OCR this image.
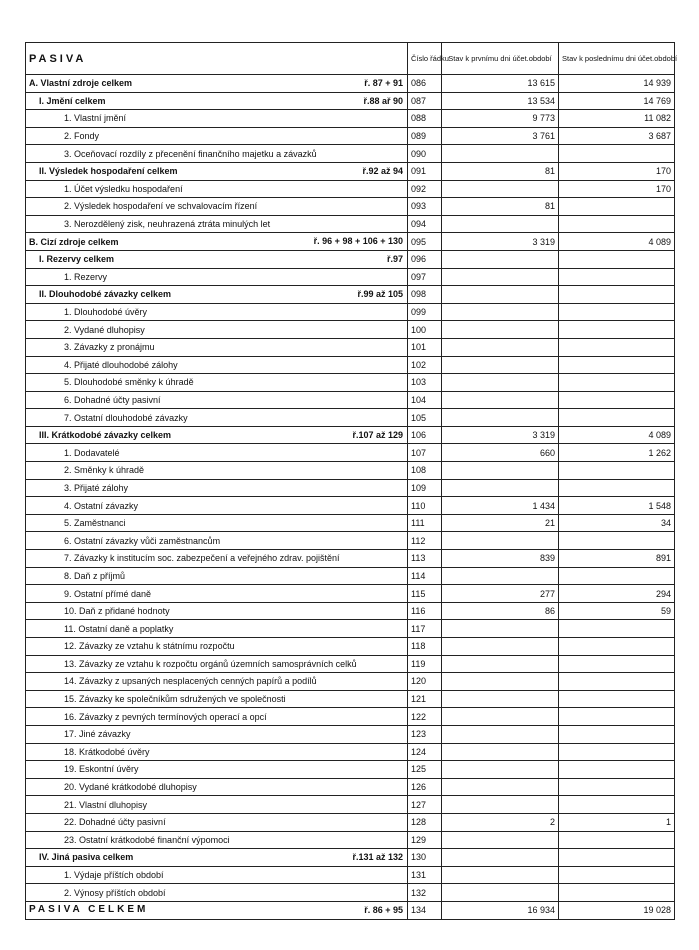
PASIVA	Číslo řádku	Stav k prvnímu dni účet.období	Stav k poslednímu dni účet.období
A. Vlastní zdroje celkem ř. 87 + 91	086	13 615	14 939
I. Jmění celkem ř.88 ař 90	087	13 534	14 769
1. Vlastní jmění	088	9 773	11 082
2. Fondy	089	3 761	3 687
3. Oceňovací rozdíly z přecenění finančního majetku a závazků	090		
II. Výsledek hospodaření celkem ř.92 až 94	091	81	170
1. Účet výsledku hospodaření	092		170
2. Výsledek hospodaření ve schvalovacím řízení	093	81	
3. Nerozdělený zisk, neuhrazená ztráta minulých let	094		
B. Cizí zdroje celkem ř. 96 + 98 + 106 + 130	095	3 319	4 089
I. Rezervy celkem ř.97	096		
1. Rezervy	097		
II. Dlouhodobé závazky celkem ř.99 až 105	098		
1. Dlouhodobé úvěry	099		
2. Vydané dluhopisy	100		
3. Závazky z pronájmu	101		
4. Přijaté dlouhodobé zálohy	102		
5. Dlouhodobé směnky k úhradě	103		
6. Dohadné účty pasivní	104		
7. Ostatní dlouhodobé závazky	105		
III. Krátkodobé závazky celkem ř.107 až 129	106	3 319	4 089
1. Dodavatelé	107	660	1 262
2. Směnky k úhradě	108		
3. Přijaté zálohy	109		
4. Ostatní závazky	110	1 434	1 548
5. Zaměstnanci	111	21	34
6. Ostatní závazky vůči zaměstnancům	112		
7. Závazky k institucím soc. zabezpečení a veřejného zdrav. pojištění	113	839	891
8. Daň z příjmů	114		
9. Ostatní přímé daně	115	277	294
10. Daň z přidané hodnoty	116	86	59
11. Ostatní daně a poplatky	117		
12. Závazky ze vztahu k státnímu rozpočtu	118		
13. Závazky ze vztahu k rozpočtu orgánů územních samosprávních celků	119		
14. Závazky z upsaných nesplacených cenných papírů a podílů	120		
15. Závazky ke společníkům sdružených ve společnosti	121		
16. Závazky z pevných termínových operací a opcí	122		
17. Jiné závazky	123		
18. Krátkodobé úvěry	124		
19. Eskontní úvěry	125		
20. Vydané krátkodobé dluhopisy	126		
21. Vlastní dluhopisy	127		
22. Dohadné účty pasivní	128	2	1
23. Ostatní krátkodobé finanční výpomoci	129		
IV. Jiná pasiva celkem ř.131 až 132	130		
1. Výdaje příštích období	131		
2. Výnosy příštích období	132		
PASIVA CELKEM ř. 86 + 95	134	16 934	19 028
